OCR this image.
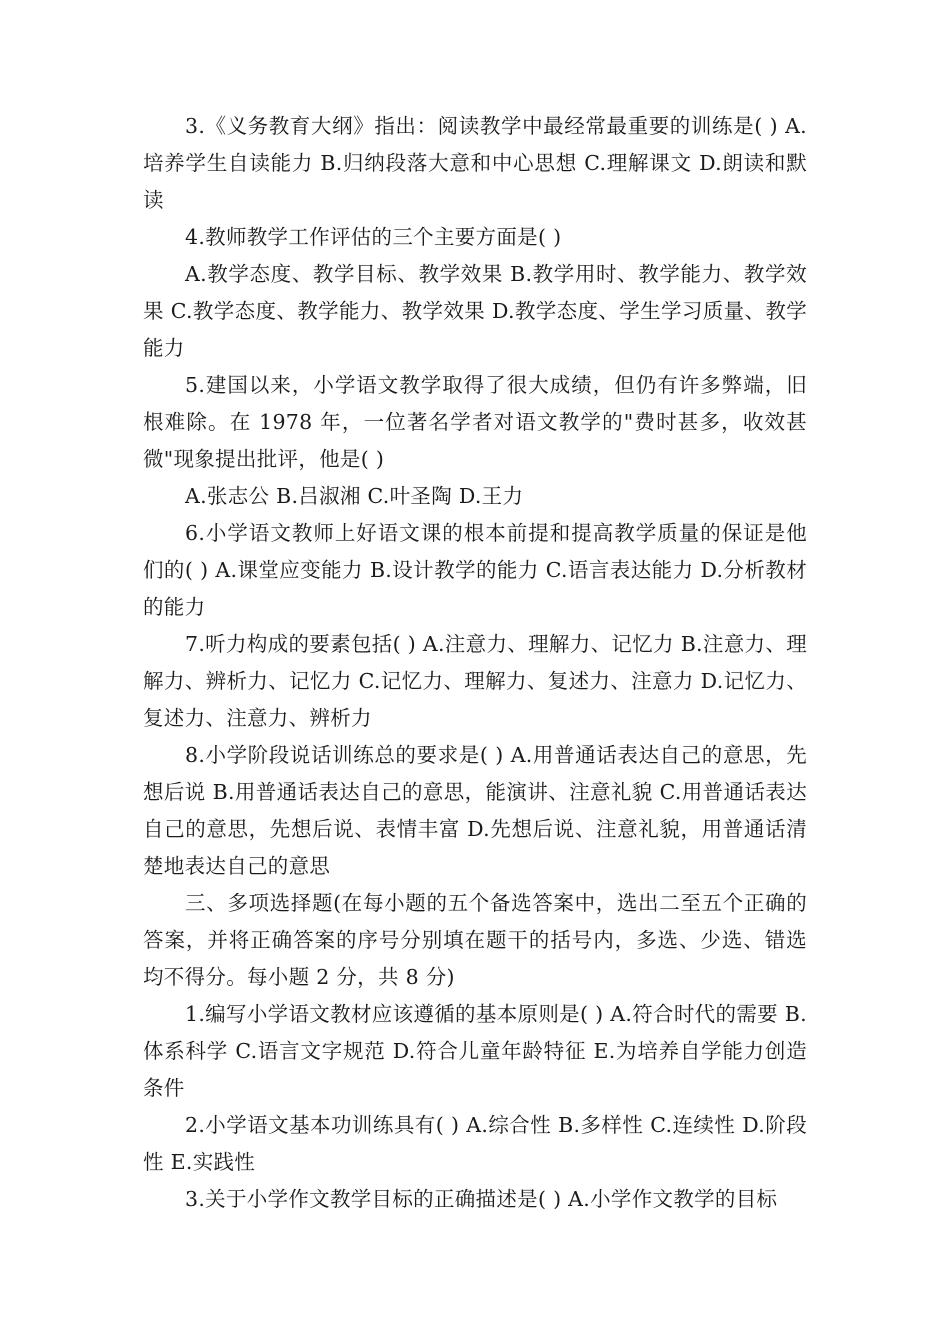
3.《义务教育大纲》指出：阅读教学中最经常最重要的训练是( ) A.培养学生自读能力 B.归纳段落大意和中心思想 C.理解课文 D.朗读和默读

4.教师教学工作评估的三个主要方面是( )

A.教学态度、教学目标、教学效果 B.教学用时、教学能力、教学效果 C.教学态度、教学能力、教学效果 D.教学态度、学生学习质量、教学能力

5.建国以来，小学语文教学取得了很大成绩，但仍有许多弊端，旧根难除。在 1978 年，一位著名学者对语文教学的"费时甚多，收效甚微"现象提出批评，他是( )

A.张志公 B.吕淑湘 C.叶圣陶 D.王力

6.小学语文教师上好语文课的根本前提和提高教学质量的保证是他们的( ) A.课堂应变能力 B.设计教学的能力 C.语言表达能力 D.分析教材的能力

7.听力构成的要素包括( ) A.注意力、理解力、记忆力 B.注意力、理解力、辨析力、记忆力 C.记忆力、理解力、复述力、注意力 D.记忆力、复述力、注意力、辨析力

8.小学阶段说话训练总的要求是( ) A.用普通话表达自己的意思，先想后说 B.用普通话表达自己的意思，能演讲、注意礼貌 C.用普通话表达自己的意思，先想后说、表情丰富 D.先想后说、注意礼貌，用普通话清楚地表达自己的意思

三、多项选择题(在每小题的五个备选答案中，选出二至五个正确的答案，并将正确答案的序号分别填在题干的括号内，多选、少选、错选均不得分。每小题 2 分，共 8 分)

1.编写小学语文教材应该遵循的基本原则是( ) A.符合时代的需要 B.体系科学 C.语言文字规范 D.符合儿童年龄特征 E.为培养自学能力创造条件

2.小学语文基本功训练具有( ) A.综合性 B.多样性 C.连续性 D.阶段性 E.实践性

3.关于小学作文教学目标的正确描述是( ) A.小学作文教学的目标
